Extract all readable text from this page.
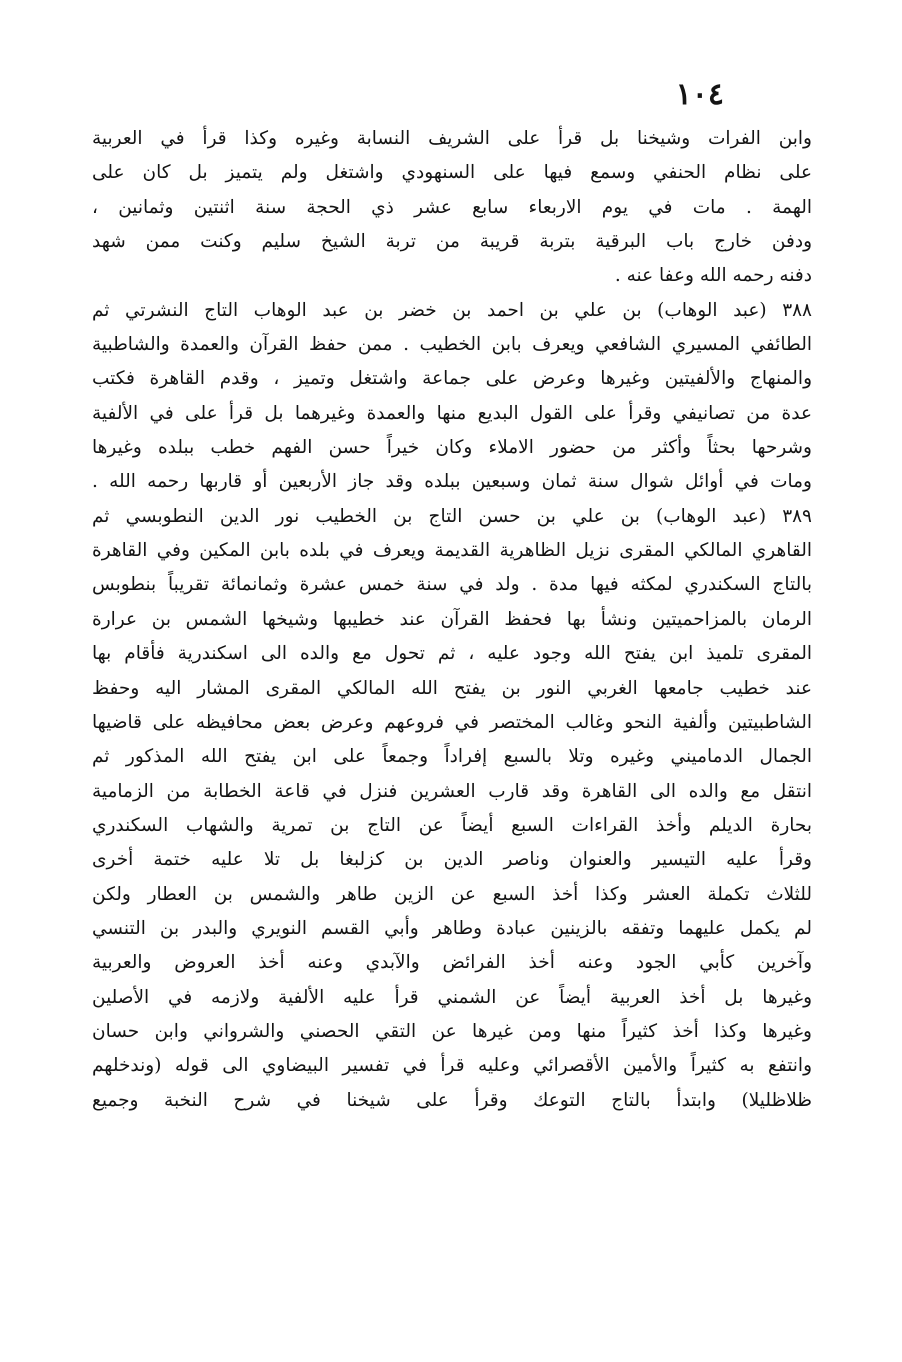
١٠٤
وابن الفرات وشيخنا بل قرأ على الشريف النسابة وغيره وكذا قرأ في العربية
على نظام الحنفي وسمع فيها على السنهودي واشتغل ولم يتميز بل كان على
الهمة . مات في يوم الاربعاء سابع عشر ذي الحجة سنة اثنتين وثمانين ،
ودفن خارج باب البرقية بتربة قريبة من تربة الشيخ سليم وكنت ممن شهد
دفنه رحمه الله وعفا عنه .
٣٨٨ (عبد الوهاب) بن علي بن احمد بن خضر بن عبد الوهاب التاج النشرتي ثم
الطائفي المسيري الشافعي ويعرف بابن الخطيب . ممن حفظ القرآن والعمدة والشاطبية
والمنهاج والألفيتين وغيرها وعرض على جماعة واشتغل وتميز ، وقدم القاهرة فكتب
عدة من تصانيفي وقرأ على القول البديع منها والعمدة وغيرهما بل قرأ على في الألفية
وشرحها بحثاً وأكثر من حضور الاملاء وكان خيراً حسن الفهم خطب ببلده وغيرها
ومات في أوائل شوال سنة ثمان وسبعين ببلده وقد جاز الأربعين أو قاربها رحمه الله .
٣٨٩ (عبد الوهاب) بن علي بن حسن التاج بن الخطيب نور الدين النطوبسي ثم
القاهري المالكي المقرى نزيل الظاهرية القديمة ويعرف في بلده بابن المكين وفي القاهرة
بالتاج السكندري لمكثه فيها مدة . ولد في سنة خمس عشرة وثمانمائة تقريباً بنطوبس
الرمان بالمزاحميتين ونشأ بها فحفظ القرآن عند خطيبها وشيخها الشمس بن عرارة
المقرى تلميذ ابن يفتح الله وجود عليه ، ثم تحول مع والده الى اسكندرية فأقام بها
عند خطيب جامعها الغربي النور بن يفتح الله المالكي المقرى المشار اليه وحفظ
الشاطبيتين وألفية النحو وغالب المختصر في فروعهم وعرض بعض محافيظه على قاضيها
الجمال الدماميني وغيره وتلا بالسبع إفراداً وجمعاً على ابن يفتح الله المذكور ثم
انتقل مع والده الى القاهرة وقد قارب العشرين فنزل في قاعة الخطابة من الزمامية
بحارة الديلم وأخذ القراءات السبع أيضاً عن التاج بن تمرية والشهاب السكندري
وقرأ عليه التيسير والعنوان وناصر الدين بن كزلبغا بل تلا عليه ختمة أخرى
للثلاث تكملة العشر وكذا أخذ السبع عن الزين طاهر والشمس بن العطار ولكن
لم يكمل عليهما وتفقه بالزينين عبادة وطاهر وأبي القسم النويري والبدر بن التنسي
وآخرين كأبي الجود وعنه أخذ الفرائض والآبدي وعنه أخذ العروض والعربية
وغيرها بل أخذ العربية أيضاً عن الشمني قرأ عليه الألفية ولازمه في الأصلين
وغيرها وكذا أخذ كثيراً منها ومن غيرها عن التقي الحصني والشرواني وابن حسان
وانتفع به كثيراً والأمين الأقصرائي وعليه قرأ في تفسير البيضاوي الى قوله (وندخلهم
ظلاظليلا) وابتدأ بالتاج التوعك وقرأ على شيخنا في شرح النخبة وجميع
